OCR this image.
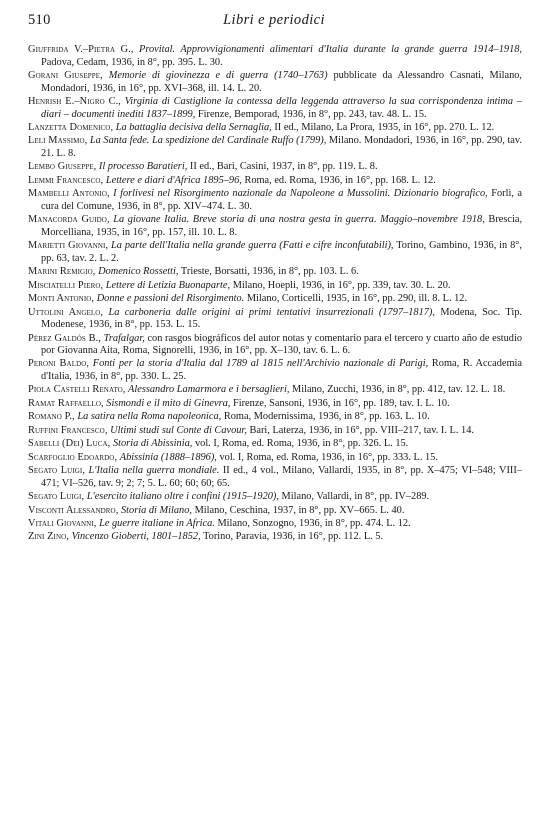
510	Libri e periodici
Giuffrida V.–Pietra G., Provital. Approvvigionamenti alimentari d'Italia durante la grande guerra 1914–1918, Padova, Cedam, 1936, in 8°, pp. 395. L. 30.
Gorani Giuseppe, Memorie di giovinezza e di guerra (1740–1763) pubblicate da Alessandro Casnati, Milano, Mondadori, 1936, in 16°, pp. XVI–368, ill. 14. L. 20.
Henrish E.–Nigro C., Virginia di Castiglione la contessa della leggenda attraverso la sua corrispondenza intima – diari – documenti inediti 1837–1899, Firenze, Bemporad, 1936, in 8°, pp. 243, tav. 48. L. 15.
Lanzetta Domenico, La battaglia decisiva della Sernaglia, II ed., Milano, La Prora, 1935, in 16°, pp. 270. L. 12.
Leli Massimo, La Santa fede. La spedizione del Cardinale Ruffo (1799), Milano. Mondadori, 1936, in 16°, pp. 290, tav. 21. L. 8.
Lembo Giuseppe, Il processo Baratieri, II ed., Bari, Casini, 1937, in 8°, pp. 119. L. 8.
Lemmi Francesco, Lettere e diari d'Africa 1895–96, Roma, ed. Roma, 1936, in 16°, pp. 168. L. 12.
Mambelli Antonio, I forlivesi nel Risorgimento nazionale da Napoleone a Mussolini. Dizionario biografico, Forlì, a cura del Comune, 1936, in 8°, pp. XIV–474. L. 30.
Manacorda Guido, La giovane Italia. Breve storia di una nostra gesta in guerra. Maggio–novembre 1918, Brescia, Morcelliana, 1935, in 16°, pp. 157, ill. 10. L. 8.
Marietti Giovanni, La parte dell'Italia nella grande guerra (Fatti e cifre inconfutabili), Torino, Gambino, 1936, in 8°, pp. 63, tav. 2. L. 2.
Marini Remigio, Domenico Rossetti, Trieste, Borsatti, 1936, in 8°, pp. 103. L. 6.
Misciatelli Piero, Lettere di Letizia Buonaparte, Milano, Hoepli, 1936, in 16°, pp. 339, tav. 30. L. 20.
Monti Antonio, Donne e passioni del Risorgimento. Milano, Corticelli, 1935, in 16°, pp. 290, ill. 8. L. 12.
Uttolini Angelo, La carboneria dalle origini ai primi tentativi insurrezionali (1797–1817), Modena, Soc. Tip. Modenese, 1936, in 8°, pp. 153. L. 15.
Pérez Galdós B., Trafalgar, con rasgos biográficos del autor notas y comentario para el tercero y cuarto año de estudio por Giovanna Aita, Roma, Signorelli, 1936, in 16°, pp. X–130, tav. 6. L. 6.
Peroni Baldo, Fonti per la storia d'Italia dal 1789 al 1815 nell'Archivio nazionale di Parigi, Roma, R. Accademia d'Italia, 1936, in 8°, pp. 330. L. 25.
Piola Castelli Renato, Alessandro Lamarmora e i bersaglieri, Milano, Zucchi, 1936, in 8°, pp. 412, tav. 12. L. 18.
Ramat Raffaello, Sismondi e il mito di Ginevra, Firenze, Sansoni, 1936, in 16°, pp. 189, tav. I. L. 10.
Romano P., La satira nella Roma napoleonica, Roma, Modernissima, 1936, in 8°, pp. 163. L. 10.
Ruffini Francesco, Ultimi studi sul Conte di Cavour, Bari, Laterza, 1936, in 16°, pp. VIII–217, tav. I. L. 14.
Sabelli (Dei) Luca, Storia di Abissinia, vol. I, Roma, ed. Roma, 1936, in 8°, pp. 326. L. 15.
Scarfoglio Edoardo, Abissinia (1888–1896), vol. I, Roma, ed. Roma, 1936, in 16°, pp. 333. L. 15.
Segato Luigi, L'Italia nella guerra mondiale. II ed., 4 vol., Milano, Vallardi, 1935, in 8°, pp. X–475; VI–548; VIII–471; VI–526, tav. 9; 2; 7; 5. L. 60; 60; 60; 65.
Segato Luigi, L'esercito italiano oltre i confini (1915–1920), Milano, Vallardi, in 8°, pp. IV–289.
Visconti Alessandro, Storia di Milano, Milano, Ceschina, 1937, in 8°, pp. XV–665. L. 40.
Vitali Giovanni, Le guerre italiane in Africa. Milano, Sonzogno, 1936, in 8°, pp. 474. L. 12.
Zini Zino, Vincenzo Gioberti, 1801–1852, Torino, Paravia, 1936, in 16°, pp. 112. L. 5.
